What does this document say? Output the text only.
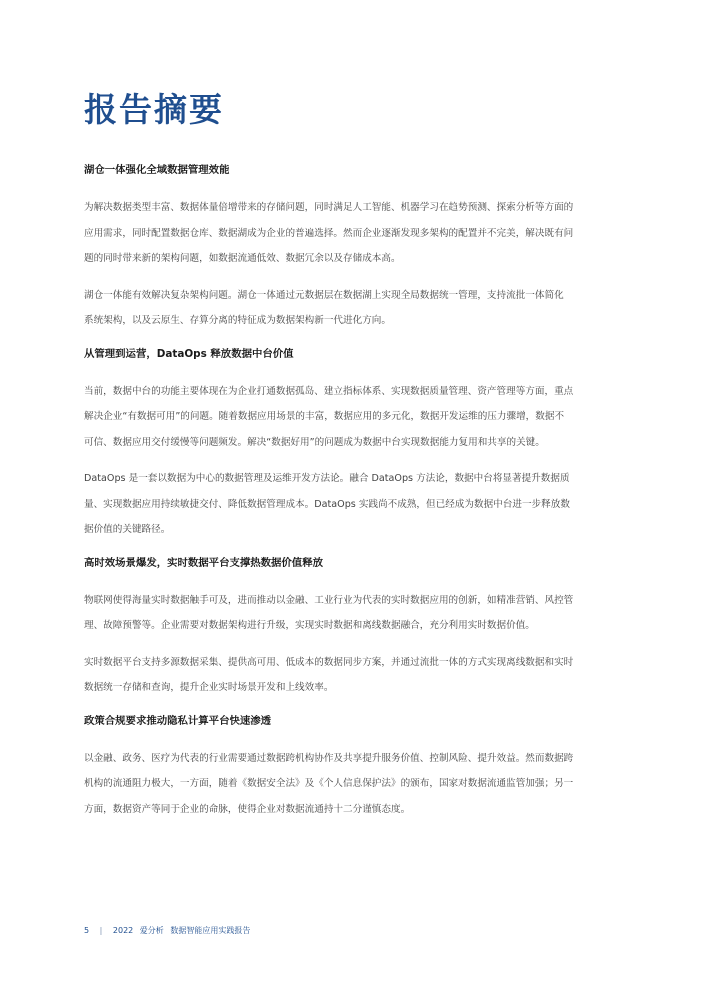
报告摘要
湖仓一体强化全域数据管理效能
为解决数据类型丰富、数据体量倍增带来的存储问题，同时满足人工智能、机器学习在趋势预测、探索分析等方面的
应用需求，同时配置数据仓库、数据湖成为企业的普遍选择。然而企业逐渐发现多架构的配置并不完美，解决既有问
题的同时带来新的架构问题，如数据流通低效、数据冗余以及存储成本高。
湖仓一体能有效解决复杂架构问题。湖仓一体通过元数据层在数据湖上实现全局数据统一管理，支持流批一体简化
系统架构，以及云原生、存算分离的特征成为数据架构新一代进化方向。
从管理到运营，DataOps 释放数据中台价值
当前，数据中台的功能主要体现在为企业打通数据孤岛、建立指标体系、实现数据质量管理、资产管理等方面，重点
解决企业“有数据可用”的问题。随着数据应用场景的丰富，数据应用的多元化，数据开发运维的压力骤增，数据不
可信、数据应用交付缓慢等问题频发。解决“数据好用”的问题成为数据中台实现数据能力复用和共享的关键。
DataOps 是一套以数据为中心的数据管理及运维开发方法论。融合 DataOps 方法论，数据中台将显著提升数据质
量、实现数据应用持续敏捷交付、降低数据管理成本。DataOps 实践尚不成熟，但已经成为数据中台进一步释放数
据价值的关键路径。
高时效场景爆发，实时数据平台支撑热数据价值释放
物联网使得海量实时数据触手可及，进而推动以金融、工业行业为代表的实时数据应用的创新，如精准营销、风控管
理、故障预警等。企业需要对数据架构进行升级，实现实时数据和离线数据融合，充分利用实时数据价值。
实时数据平台支持多源数据采集、提供高可用、低成本的数据同步方案，并通过流批一体的方式实现离线数据和实时
数据统一存储和查询，提升企业实时场景开发和上线效率。
政策合规要求推动隐私计算平台快速渗透
以金融、政务、医疗为代表的行业需要通过数据跨机构协作及共享提升服务价值、控制风险、提升效益。然而数据跨
机构的流通阻力极大，一方面，随着《数据安全法》及《个人信息保护法》的颁布，国家对数据流通监管加强；另一
方面，数据资产等同于企业的命脉，使得企业对数据流通持十二分谨慎态度。
5 | 2022 爱分析 数据智能应用实践报告
